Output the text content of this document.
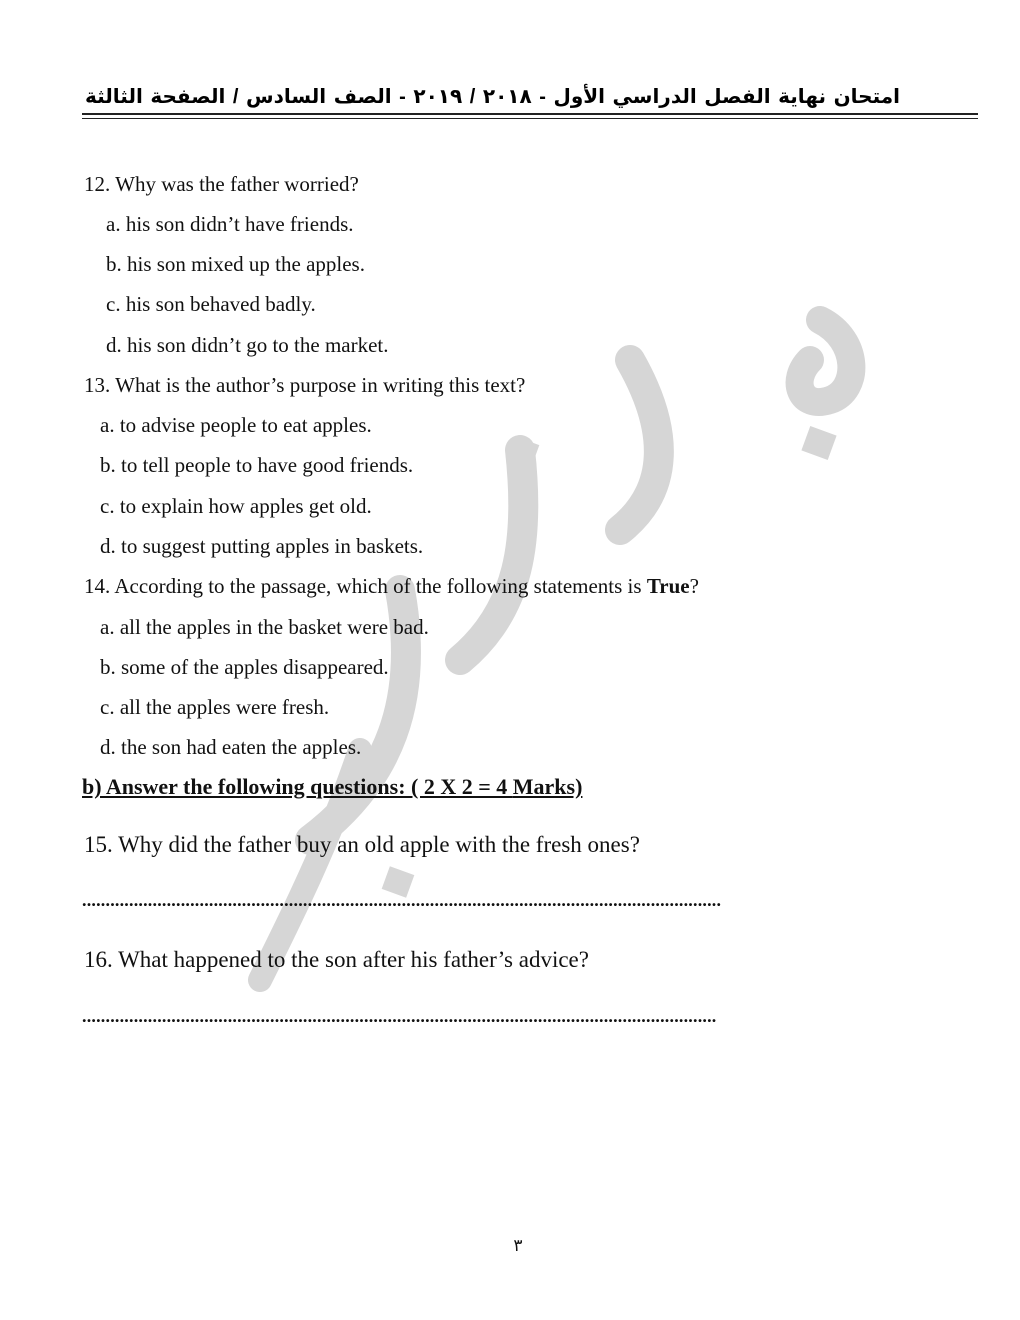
امتحان نهاية الفصل الدراسي الأول - ٢٠١٨ / ٢٠١٩ - الصف السادس / الصفحة الثالثة
12. Why was the father worried?
a. his son didn’t have friends.
b. his son mixed up the apples.
c. his son behaved badly.
d. his son didn’t go to the market.
13. What is the author’s purpose in writing this text?
a. to advise people to eat apples.
b. to tell people to have good friends.
c. to explain how apples get old.
d. to suggest putting apples in baskets.
14. According to the passage, which of the following statements is True?
a. all the apples in the basket were bad.
b. some of the apples disappeared.
c. all the apples were fresh.
d. the son had eaten the apples.
b) Answer the following questions: ( 2 X 2 = 4 Marks)
15. Why did the father buy an old apple with the fresh ones?
........................................................................................................................................
16. What happened to the son after his father’s advice?
.......................................................................................................................................
٣
